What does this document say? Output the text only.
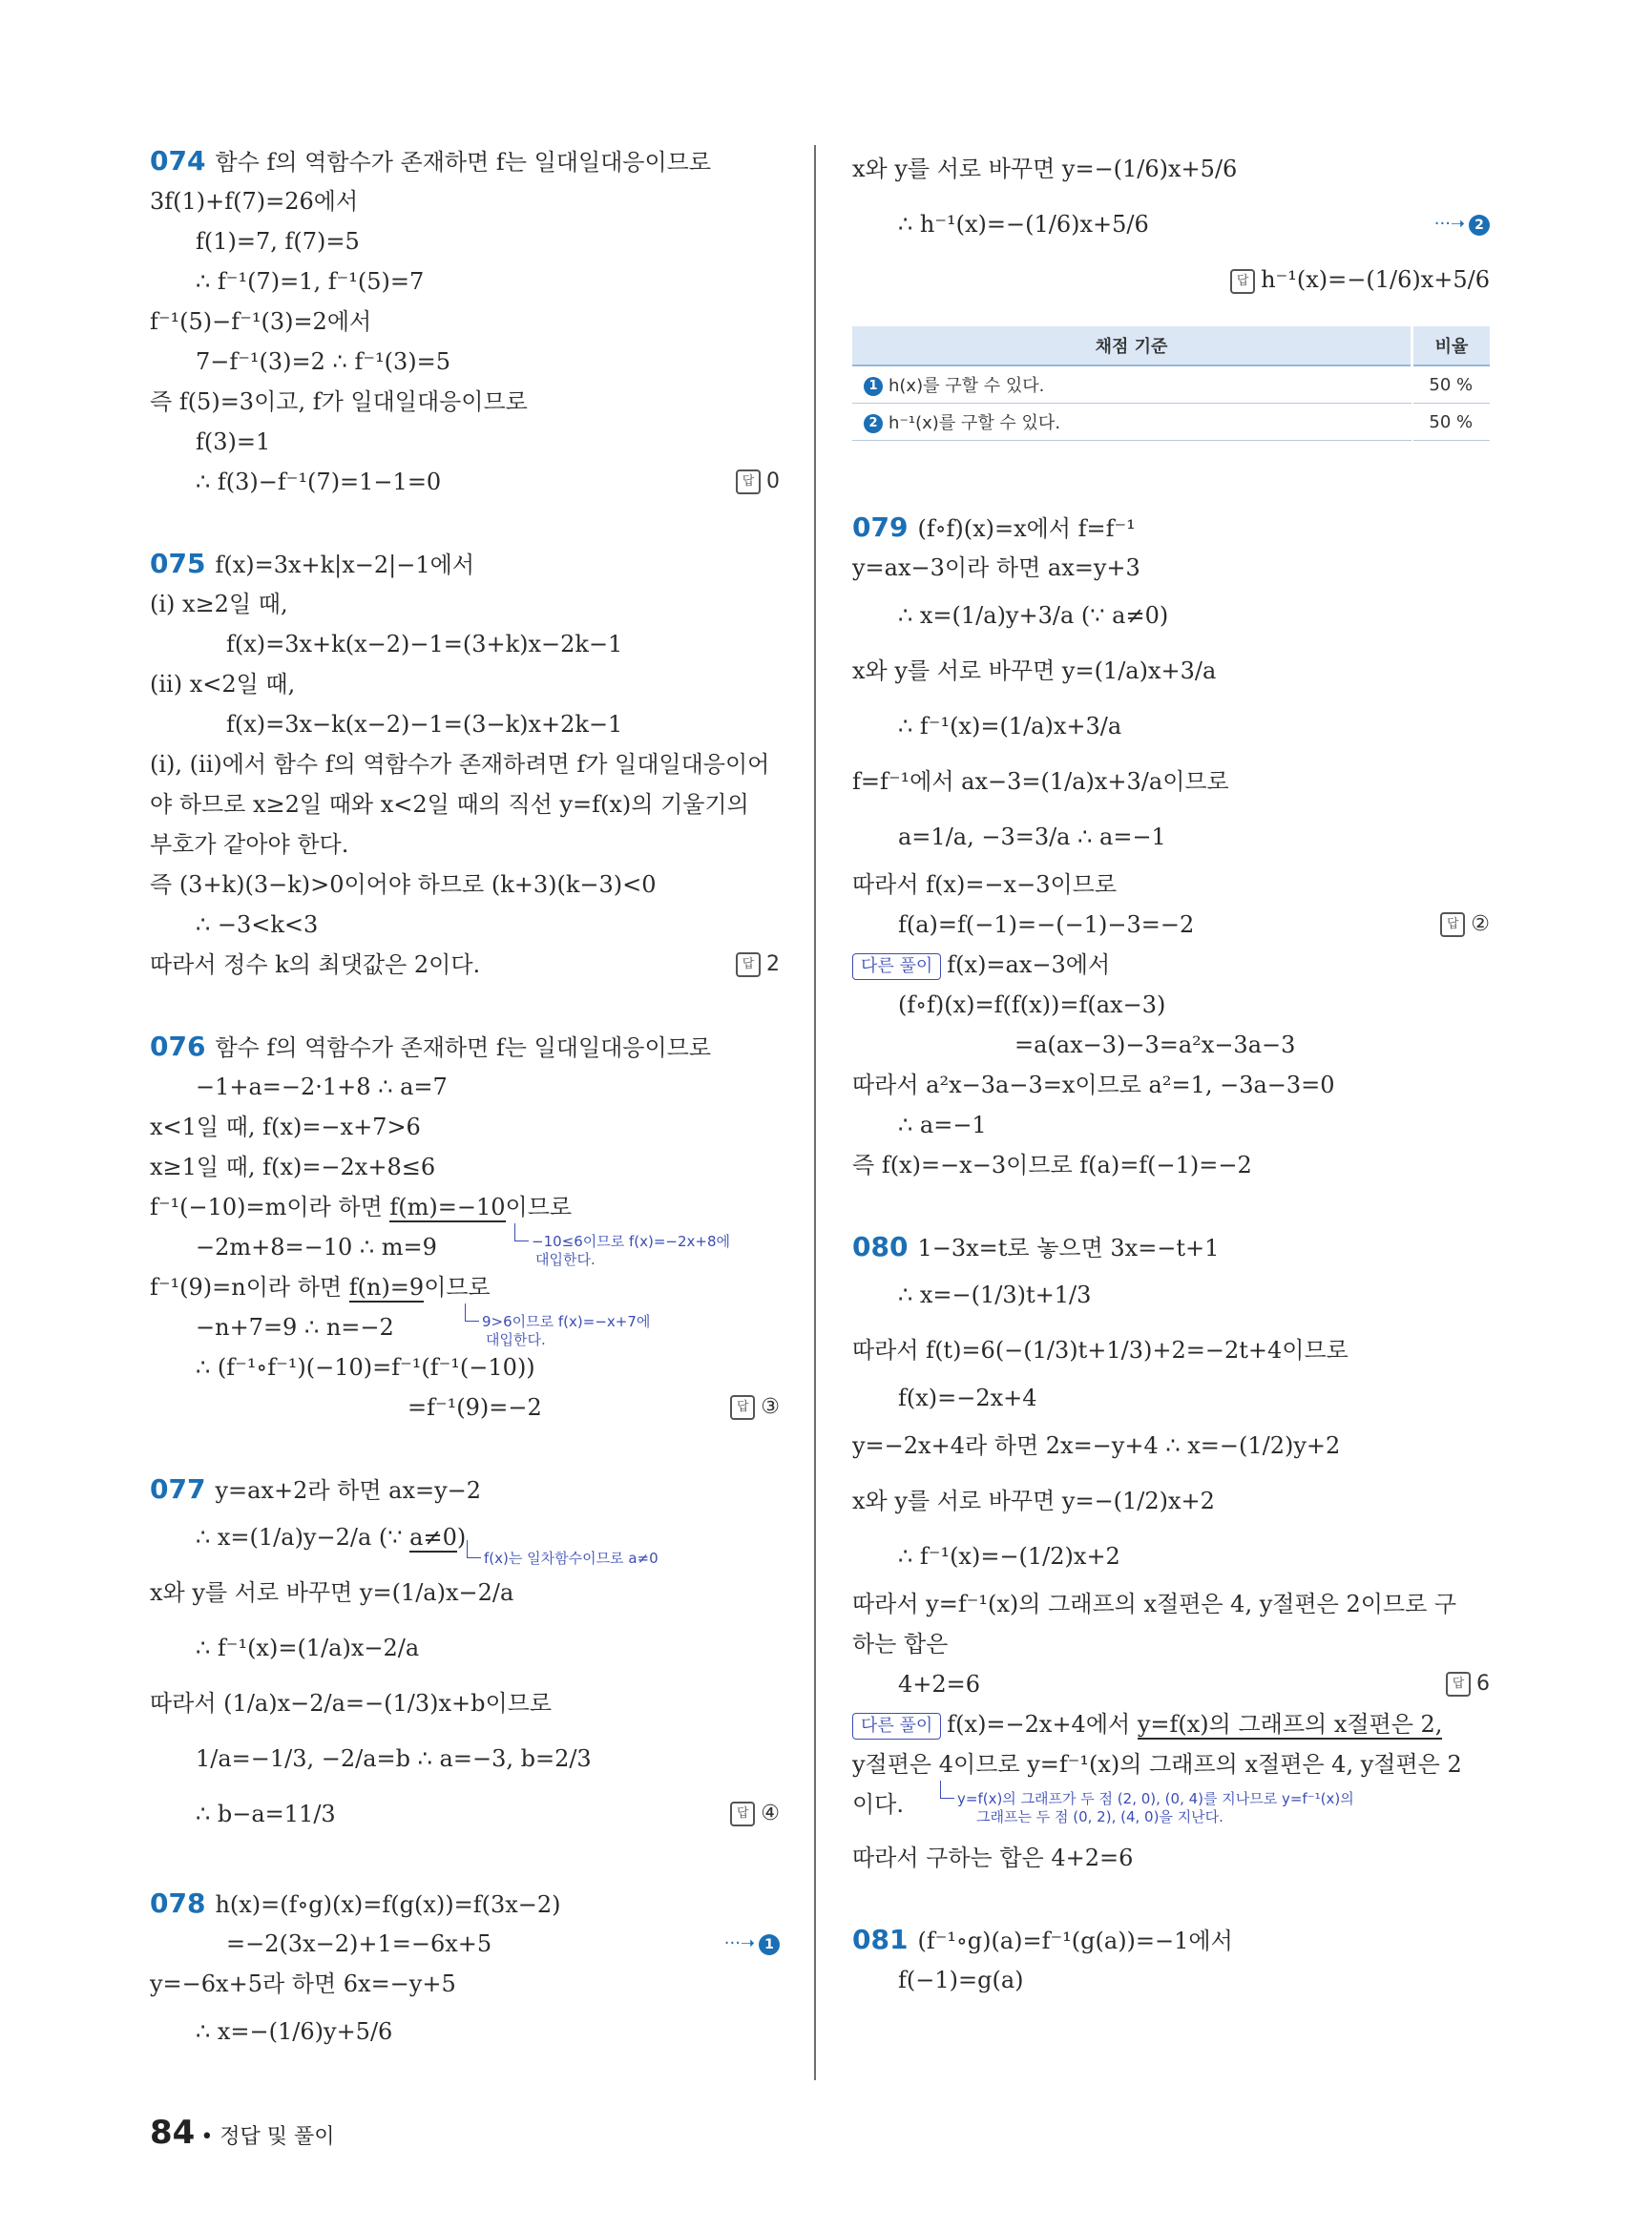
074 함수 f의 역함수가 존재하면 f는 일대일대응이므로
3f(1)+f(7)=26에서
f(1)=7, f(7)=5
∴ f⁻¹(7)=1, f⁻¹(5)=7
f⁻¹(5)−f⁻¹(3)=2에서
7−f⁻¹(3)=2 ∴ f⁻¹(3)=5
즉 f(5)=3이고, f가 일대일대응이므로
f(3)=1
∴ f(3)−f⁻¹(7)=1−1=0	답 0
075 f(x)=3x+k|x−2|−1에서
(i) x≥2일 때,
f(x)=3x+k(x−2)−1=(3+k)x−2k−1
(ii) x<2일 때,
f(x)=3x−k(x−2)−1=(3−k)x+2k−1
(i), (ii)에서 함수 f의 역함수가 존재하려면 f가 일대일대응이어
야 하므로 x≥2일 때와 x<2일 때의 직선 y=f(x)의 기울기의
부호가 같아야 한다.
즉 (3+k)(3−k)>0이어야 하므로 (k+3)(k−3)<0
∴ −3<k<3
따라서 정수 k의 최댓값은 2이다.	답 2
076 함수 f의 역함수가 존재하면 f는 일대일대응이므로
−1+a=−2·1+8 ∴ a=7
x<1일 때, f(x)=−x+7>6
x≥1일 때, f(x)=−2x+8≤6
f⁻¹(−10)=m이라 하면 f(m)=−10이므로
−2m+8=−10 ∴ m=9	−10≤6이므로 f(x)=−2x+8에
대입한다.
f⁻¹(9)=n이라 하면 f(n)=9이므로
−n+7=9 ∴ n=−2	9>6이므로 f(x)=−x+7에
대입한다.
∴ (f⁻¹∘f⁻¹)(−10)=f⁻¹(f⁻¹(−10))
=f⁻¹(9)=−2	답 ③
077 y=ax+2라 하면 ax=y−2
∴ x=(1/a)y−2/a (∵ a≠0)
f(x)는 일차함수이므로 a≠0
x와 y를 서로 바꾸면 y=(1/a)x−2/a
∴ f⁻¹(x)=(1/a)x−2/a
따라서 (1/a)x−2/a=−(1/3)x+b이므로
1/a=−1/3, −2/a=b ∴ a=−3, b=2/3
∴ b−a=11/3	답 ④
078 h(x)=(f∘g)(x)=f(g(x))=f(3x−2)
=−2(3x−2)+1=−6x+5	···➝ 1
y=−6x+5라 하면 6x=−y+5
∴ x=−(1/6)y+5/6
x와 y를 서로 바꾸면 y=−(1/6)x+5/6
∴ h⁻¹(x)=−(1/6)x+5/6	···➝ 2
답 h⁻¹(x)=−(1/6)x+5/6
채점 기준	비율
1 h(x)를 구할 수 있다.	50 %
2 h⁻¹(x)를 구할 수 있다.	50 %
079 (f∘f)(x)=x에서 f=f⁻¹
y=ax−3이라 하면 ax=y+3
∴ x=(1/a)y+3/a (∵ a≠0)
x와 y를 서로 바꾸면 y=(1/a)x+3/a
∴ f⁻¹(x)=(1/a)x+3/a
f=f⁻¹에서 ax−3=(1/a)x+3/a이므로
a=1/a, −3=3/a ∴ a=−1
따라서 f(x)=−x−3이므로
f(a)=f(−1)=−(−1)−3=−2	답 ②
다른 풀이 f(x)=ax−3에서
(f∘f)(x)=f(f(x))=f(ax−3)
=a(ax−3)−3=a²x−3a−3
따라서 a²x−3a−3=x이므로 a²=1, −3a−3=0
∴ a=−1
즉 f(x)=−x−3이므로 f(a)=f(−1)=−2
080 1−3x=t로 놓으면 3x=−t+1
∴ x=−(1/3)t+1/3
따라서 f(t)=6(−(1/3)t+1/3)+2=−2t+4이므로
f(x)=−2x+4
y=−2x+4라 하면 2x=−y+4 ∴ x=−(1/2)y+2
x와 y를 서로 바꾸면 y=−(1/2)x+2
∴ f⁻¹(x)=−(1/2)x+2
따라서 y=f⁻¹(x)의 그래프의 x절편은 4, y절편은 2이므로 구
하는 합은
4+2=6	답 6
다른 풀이 f(x)=−2x+4에서 y=f(x)의 그래프의 x절편은 2,
y절편은 4이므로 y=f⁻¹(x)의 그래프의 x절편은 4, y절편은 2
이다.	y=f(x)의 그래프가 두 점 (2, 0), (0, 4)를 지나므로 y=f⁻¹(x)의
그래프는 두 점 (0, 2), (4, 0)을 지난다.
따라서 구하는 합은 4+2=6
081 (f⁻¹∘g)(a)=f⁻¹(g(a))=−1에서
f(−1)=g(a)
84 • 정답 및 풀이
